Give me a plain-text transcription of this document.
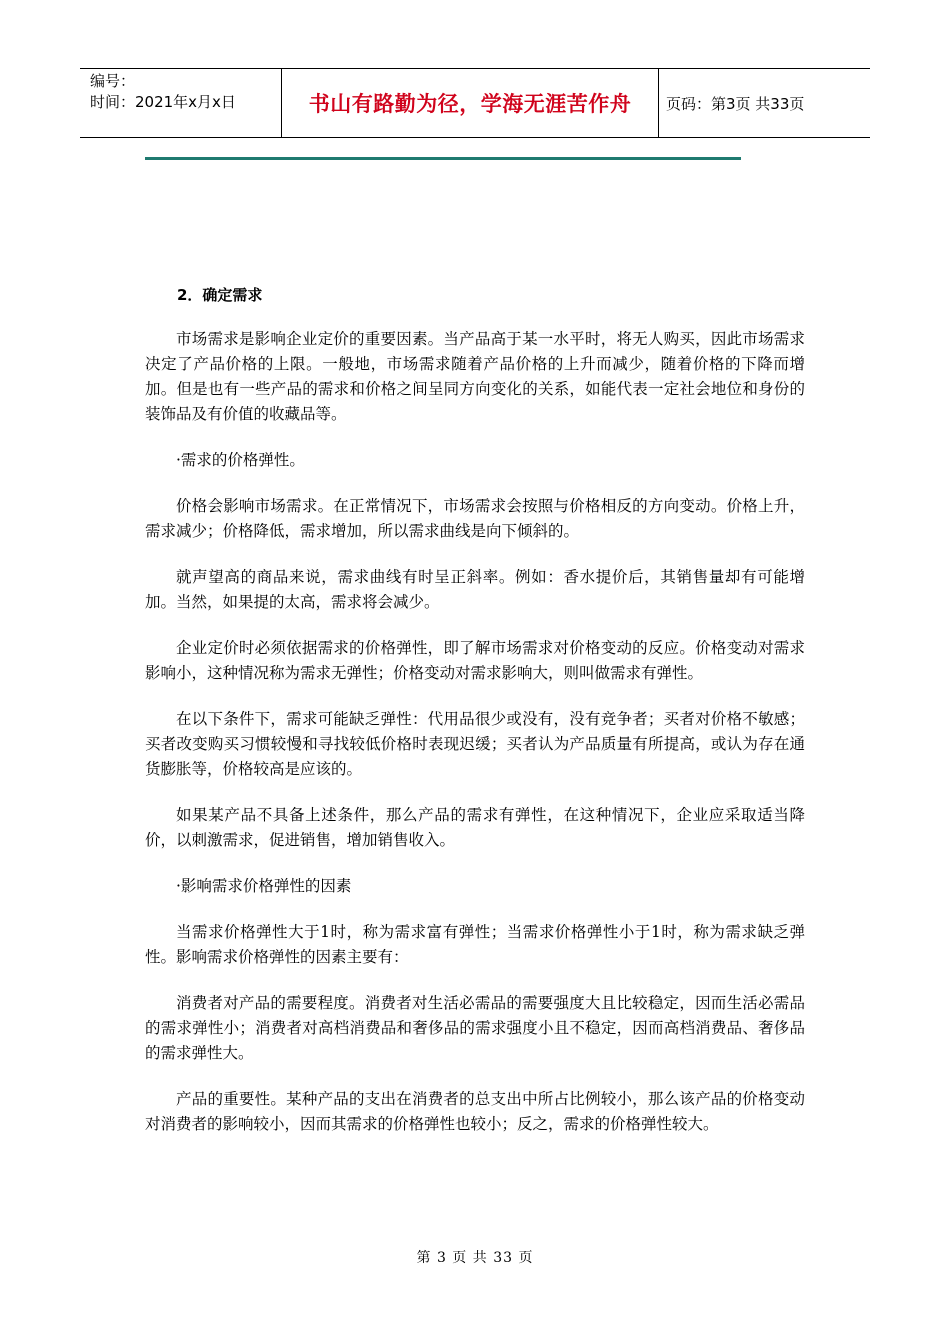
编号：
时间：2021年x月x日	书山有路勤为径，学海无涯苦作舟	页码：第3页 共33页
2．确定需求

市场需求是影响企业定价的重要因素。当产品高于某一水平时，将无人购买，因此市场需求决定了产品价格的上限。一般地，市场需求随着产品价格的上升而减少，随着价格的下降而增加。但是也有一些产品的需求和价格之间呈同方向变化的关系，如能代表一定社会地位和身份的装饰品及有价值的收藏品等。

·需求的价格弹性。

价格会影响市场需求。在正常情况下，市场需求会按照与价格相反的方向变动。价格上升，需求减少；价格降低，需求增加，所以需求曲线是向下倾斜的。

就声望高的商品来说，需求曲线有时呈正斜率。例如：香水提价后，其销售量却有可能增加。当然，如果提的太高，需求将会减少。

企业定价时必须依据需求的价格弹性，即了解市场需求对价格变动的反应。价格变动对需求影响小，这种情况称为需求无弹性；价格变动对需求影响大，则叫做需求有弹性。

在以下条件下，需求可能缺乏弹性：代用品很少或没有，没有竞争者；买者对价格不敏感；买者改变购买习惯较慢和寻找较低价格时表现迟缓；买者认为产品质量有所提高，或认为存在通货膨胀等，价格较高是应该的。

如果某产品不具备上述条件，那么产品的需求有弹性，在这种情况下，企业应采取适当降价，以刺激需求，促进销售，增加销售收入。

·影响需求价格弹性的因素

当需求价格弹性大于1时，称为需求富有弹性；当需求价格弹性小于1时，称为需求缺乏弹性。影响需求价格弹性的因素主要有：

消费者对产品的需要程度。消费者对生活必需品的需要强度大且比较稳定，因而生活必需品的需求弹性小；消费者对高档消费品和奢侈品的需求强度小且不稳定，因而高档消费品、奢侈品的需求弹性大。

产品的重要性。某种产品的支出在消费者的总支出中所占比例较小，那么该产品的价格变动对消费者的影响较小，因而其需求的价格弹性也较小；反之，需求的价格弹性较大。

第 3 页 共 33 页
